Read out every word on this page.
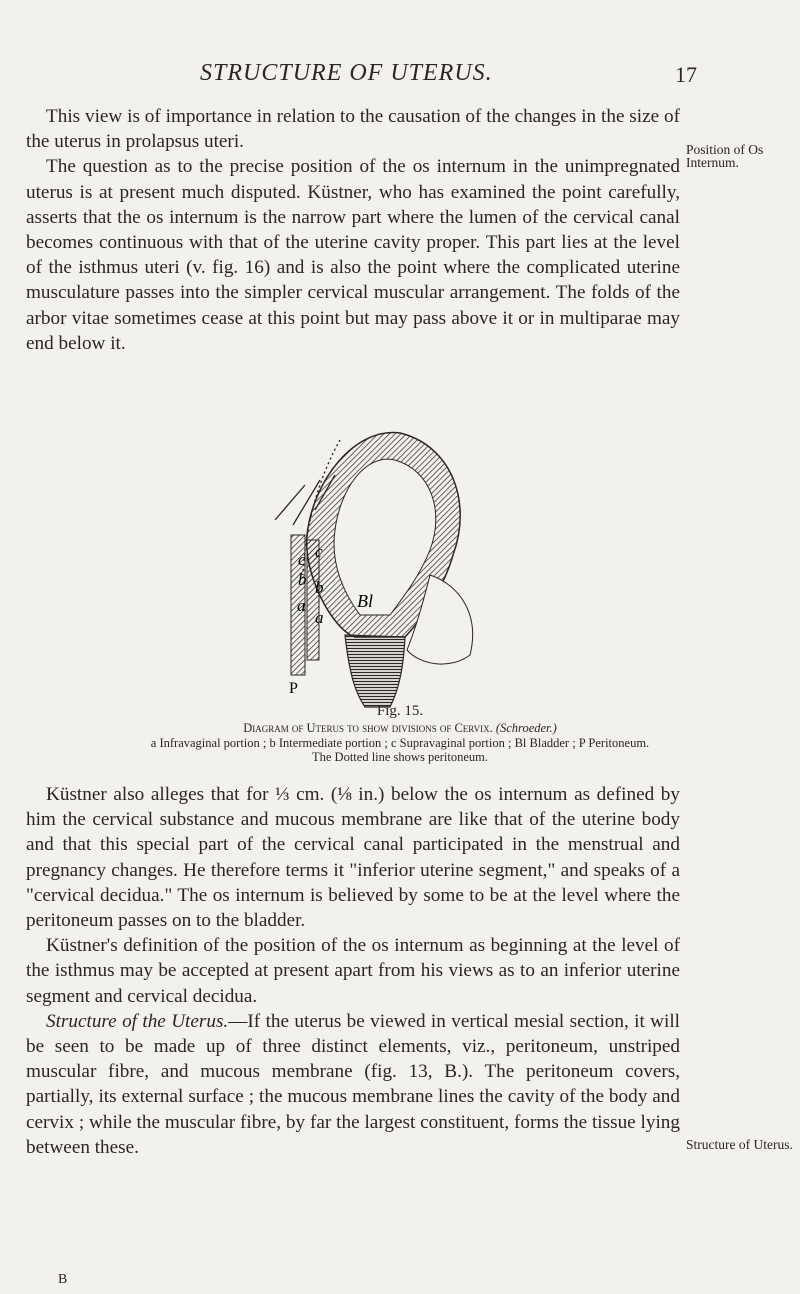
STRUCTURE OF UTERUS.	17

This view is of importance in relation to the causation of the changes in the size of the uterus in prolapsus uteri.

The question as to the precise position of the os internum in the unimpregnated uterus is at present much disputed. Küstner, who has examined the point carefully, asserts that the os internum is the narrow part where the lumen of the cervical canal becomes continuous with that of the uterine cavity proper. This part lies at the level of the isthmus uteri (v. fig. 16) and is also the point where the complicated uterine musculature passes into the simpler cervical muscular arrangement. The folds of the arbor vitae sometimes cease at this point but may pass above it or in multiparae may end below it.

Position of Os Internum.
P
c c
b b
a
a
Bl
Fig. 15.
Diagram of Uterus to show divisions of Cervix. (Schroeder.)
a Infravaginal portion ; b Intermediate portion ; c Supravaginal portion ; Bl Bladder ; P Peritoneum.
The Dotted line shows peritoneum.

Küstner also alleges that for ⅓ cm. (⅛ in.) below the os internum as defined by him the cervical substance and mucous membrane are like that of the uterine body and that this special part of the cervical canal participated in the menstrual and pregnancy changes. He therefore terms it "inferior uterine segment," and speaks of a "cervical decidua." The os internum is believed by some to be at the level where the peritoneum passes on to the bladder.

Küstner's definition of the position of the os internum as beginning at the level of the isthmus may be accepted at present apart from his views as to an inferior uterine segment and cervical decidua.

Structure of the Uterus.—If the uterus be viewed in vertical mesial section, it will be seen to be made up of three distinct elements, viz., peritoneum, unstriped muscular fibre, and mucous membrane (fig. 13, B.). The peritoneum covers, partially, its external surface ; the mucous membrane lines the cavity of the body and cervix ; while the muscular fibre, by far the largest constituent, forms the tissue lying between these.	Structure of Uterus.
B
